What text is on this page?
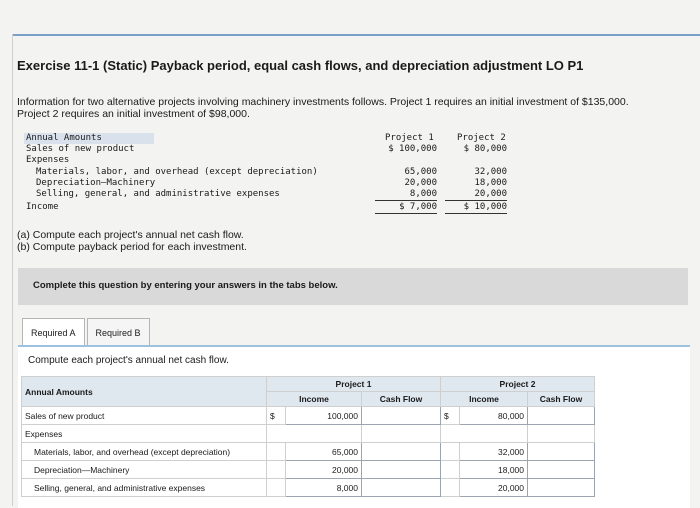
Exercise 11-1 (Static) Payback period, equal cash flows, and depreciation adjustment LO P1
Information for two alternative projects involving machinery investments follows. Project 1 requires an initial investment of $135,000.
Project 2 requires an initial investment of $98,000.
Annual Amounts	Project 1	Project 2
Sales of new product	$ 100,000	$ 80,000
Expenses
Materials, labor, and overhead (except depreciation)	65,000	32,000
Depreciation—Machinery	20,000	18,000
Selling, general, and administrative expenses	8,000	20,000
Income	$ 7,000	$ 10,000
(a) Compute each project's annual net cash flow.
(b) Compute payback period for each investment.
Complete this question by entering your answers in the tabs below.
Required A	Required B
Compute each project's annual net cash flow.
Annual Amounts	Project 1			Project 2		
	Income		Cash Flow	Income		Cash Flow
Sales of new product	$	100,000		$	80,000	
Expenses						
Materials, labor, and overhead (except depreciation)		65,000			32,000	
Depreciation—Machinery		20,000			18,000	
Selling, general, and administrative expenses		8,000			20,000	
